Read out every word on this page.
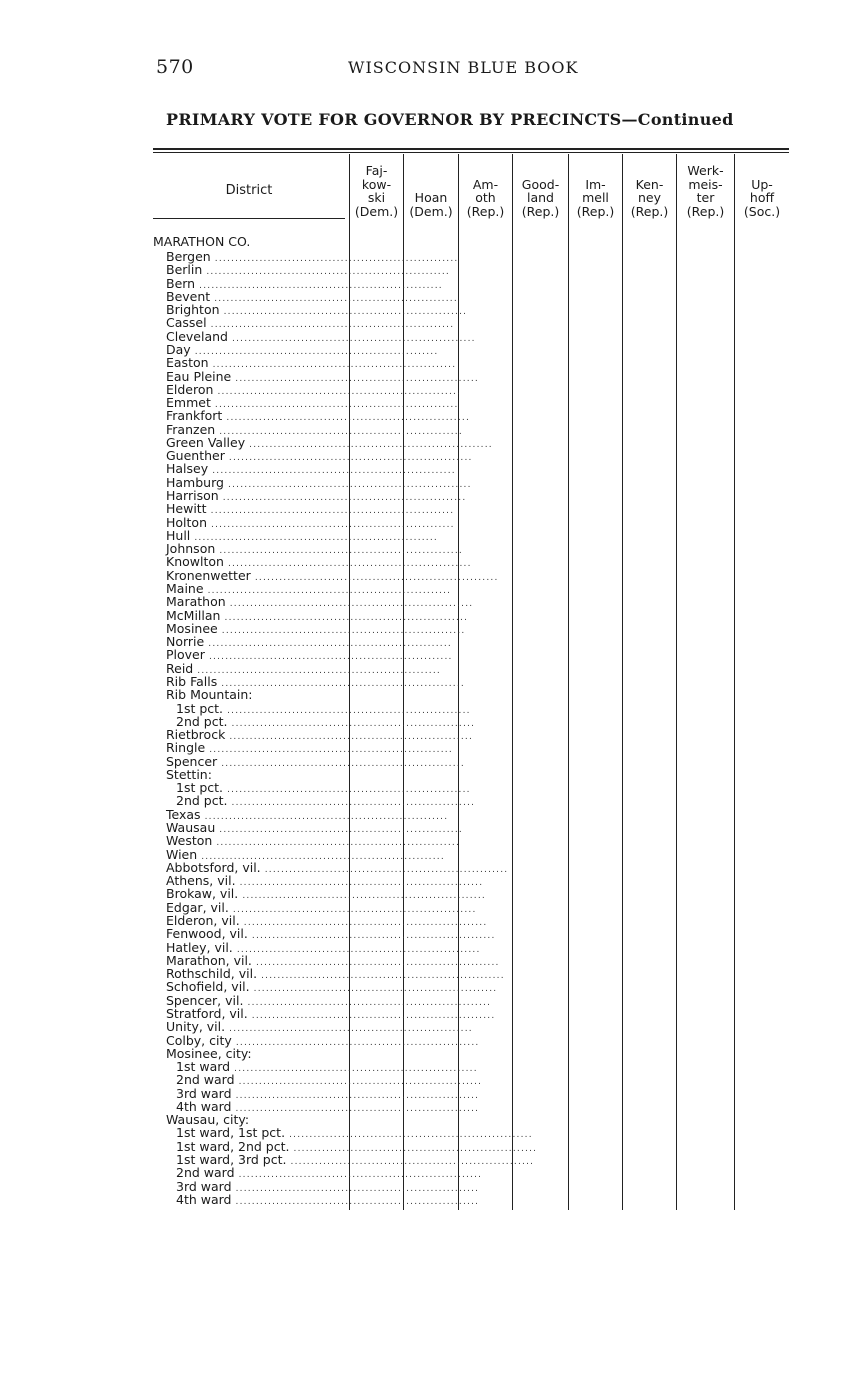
570	WISCONSIN BLUE BOOK
PRIMARY VOTE FOR GOVERNOR BY PRECINCTS—Continued
District
Faj-
kow-
ski
(Dem.)
Hoan
(Dem.)
Am-
oth
(Rep.)
Good-
land
(Rep.)
Im-
mell
(Rep.)
Ken-
ney
(Rep.)
Werk-
meis-
ter
(Rep.)
Up-
hoff
(Soc.)
MARATHON CO.
Bergen ............................................................
Berlin ............................................................
Bern ............................................................
Bevent ............................................................
Brighton ............................................................
Cassel ............................................................
Cleveland ............................................................
Day ............................................................
Easton ............................................................
Eau Pleine ............................................................
Elderon ............................................................
Emmet ............................................................
Frankfort ............................................................
Franzen ............................................................
Green Valley ............................................................
Guenther ............................................................
Halsey ............................................................
Hamburg ............................................................
Harrison ............................................................
Hewitt ............................................................
Holton ............................................................
Hull ............................................................
Johnson ............................................................
Knowlton ............................................................
Kronenwetter ............................................................
Maine ............................................................
Marathon ............................................................
McMillan ............................................................
Mosinee ............................................................
Norrie ............................................................
Plover ............................................................
Reid ............................................................
Rib Falls ............................................................
Rib Mountain:
1st pct. ............................................................
2nd pct. ............................................................
Rietbrock ............................................................
Ringle ............................................................
Spencer ............................................................
Stettin:
1st pct. ............................................................
2nd pct. ............................................................
Texas ............................................................
Wausau ............................................................
Weston ............................................................
Wien ............................................................
Abbotsford, vil. ............................................................
Athens, vil. ............................................................
Brokaw, vil. ............................................................
Edgar, vil. ............................................................
Elderon, vil. ............................................................
Fenwood, vil. ............................................................
Hatley, vil. ............................................................
Marathon, vil. ............................................................
Rothschild, vil. ............................................................
Schofield, vil. ............................................................
Spencer, vil. ............................................................
Stratford, vil. ............................................................
Unity, vil. ............................................................
Colby, city ............................................................
Mosinee, city:
1st ward ............................................................
2nd ward ............................................................
3rd ward ............................................................
4th ward ............................................................
Wausau, city:
1st ward, 1st pct. ............................................................
1st ward, 2nd pct. ............................................................
1st ward, 3rd pct. ............................................................
2nd ward ............................................................
3rd ward ............................................................
4th ward ............................................................
